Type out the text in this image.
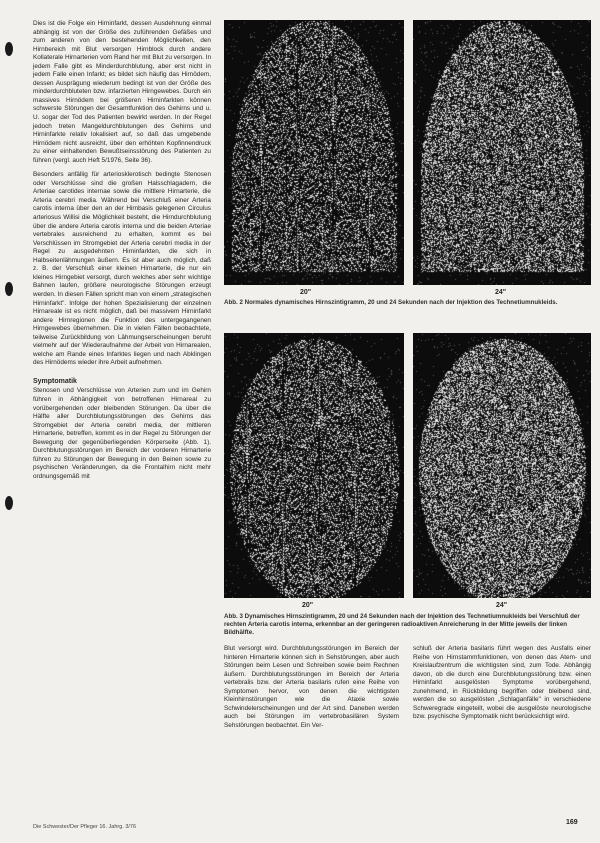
Dies ist die Folge ein Hirninfarkt, dessen Ausdehnung einmal abhängig ist von der Größe des zuführenden Gefäßes und zum anderen von den bestehenden Möglichkeiten, den Hirnbereich mit Blut versorgen Hirnblock durch andere Kollaterale Hirnarterien vom Rand her mit Blut zu versorgen. In jedem Falle gibt es Minderdurchblutung, aber erst nicht in jedem Falle einen Infarkt; es bildet sich häufig das Hirnödem, dessen Ausprägung wiederum bedingt ist von der Größe des minderdurchbluteten bzw. infarzierten Hirngewebes. Durch ein massives Hirnödem bei größeren Hirninfarkten können schwerste Störungen der Gesamtfunktion des Gehirns und u. U. sogar der Tod des Patienten bewirkt werden. In der Regel jedoch treten Mangeldurchblutungen des Gehirns und Hirninfarkte relativ lokalisiert auf, so daß das umgebende Hirnödem nicht ausreicht, über den erhöhten Kopfinnendruck zu einer einhaltenden Bewußtseinsstörung des Patienten zu führen (vergl. auch Heft 5/1976, Seite 36).

Besonders anfällig für arteriosklerotisch bedingte Stenosen oder Verschlüsse sind die großen Halsschlagadern, die Arteriae carotides internae sowie die mittlere Hirnarterie, die Arteria cerebri media. Während bei Verschluß einer Arteria carotis interna über den an der Hirnbasis gelegenen Circulus arteriosus Willisi die Möglichkeit besteht, die Hirndurchblutung über die andere Arteria carotis interna und die beiden Arteriae vertebrales ausreichend zu erhalten, kommt es bei Verschlüssen im Stromgebiet der Arteria cerebri media in der Regel zu ausgedehnten Hirninfarkten, die sich in Halbseitenlähmungen äußern. Es ist aber auch möglich, daß z. B. der Verschluß einer kleinen Hirnarterie, die nur ein kleines Hirngebiet versorgt, durch welches aber sehr wichtige Bahnen laufen, größere neurologische Störungen erzeugt werden. In diesen Fällen spricht man von einem „strategischen Hirninfarkt". Infolge der hohen Spezialisierung der einzelnen Hirnareale ist es nicht möglich, daß bei massivem Hirninfarkt andere Hirnregionen die Funktion des untergegangenen Hirngewebes übernehmen. Die in vielen Fällen beobachtete, teilweise Zurückbildung von Lähmungserscheinungen beruht vielmehr auf der Wiederaufnahme der Arbeit von Hirnarealen, welche am Rande eines Infarktes liegen und nach Abklingen des Hirnödems wieder ihre Arbeit aufnehmen.

Symptomatik

Stenosen und Verschlüsse von Arterien zum und im Gehirn führen in Abhängigkeit von betroffenen Hirnareal zu vorübergehenden oder bleibenden Störungen. Da über die Hälfte aller Durchblutungsstörungen des Gehirns das Stromgebiet der Arteria cerebri media, der mittleren Hirnarterie, betreffen, kommt es in der Regel zu Störungen der Bewegung der gegenüberliegenden Körperseite (Abb. 1). Durchblutungsstörungen im Bereich der vorderen Hirnarterie führen zu Störungen der Bewegung in den Beinen sowie zu psychischen Veränderungen, da die Frontalhirn nicht mehr ordnungsgemäß mit

20"	24"
Abb. 2 Normales dynamisches Hirnszintigramm, 20 und 24 Sekunden nach der Injektion des Technetiumnukleids.
20"	24"
Abb. 3 Dynamisches Hirnszintigramm, 20 und 24 Sekunden nach der Injektion des Technetiumnukleids bei Verschluß der rechten Arteria carotis interna, erkennbar an der geringeren radioaktiven Anreicherung in der Mitte jeweils der linken Bildhälfte.
Blut versorgt wird. Durchblutungsstörungen im Bereich der hinteren Hirnarterie können sich in Sehstörungen, aber auch Störungen beim Lesen und Schreiben sowie beim Rechnen äußern. Durchblutungsstörungen im Bereich der Arteria vertebralis bzw. der Arteria basilaris rufen eine Reihe von Symptomen hervor, von denen die wichtigsten Kleinhirnstörungen wie die Ataxie sowie Schwindelerscheinungen und der Art sind. Daneben werden auch bei Störungen im vertebrobasilären System Sehstörungen beobachtet. Ein Ver-
schluß der Arteria basilaris führt wegen des Ausfalls einer Reihe von Hirnstammfunktionen, von denen das Atem- und Kreislaufzentrum die wichtigsten sind, zum Tode. Abhängig davon, ob die durch eine Durchblutungsstörung bzw. einen Hirninfarkt ausgelösten Symptome vorübergehend, zunehmend, in Rückbildung begriffen oder bleibend sind, werden die so ausgelösten „Schlaganfälle" in verschiedene Schweregrade eingeteilt, wobei die ausgelöste neurologische bzw. psychische Symptomatik nicht berücksichtigt wird.
Die Schwester/Der Pfleger 16. Jahrg. 3/76
169
